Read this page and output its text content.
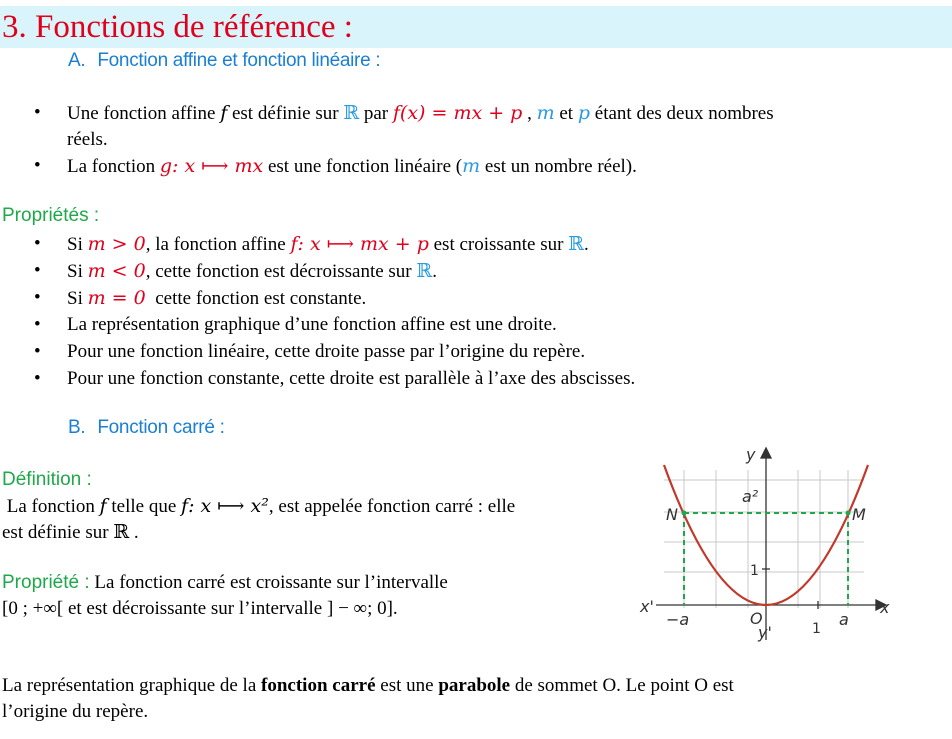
3. Fonctions de référence :
A. Fonction affine et fonction linéaire :
• Une fonction affine f est définie sur ℝ par f(x) = mx + p , m et p étant des deux nombres
réels.
• La fonction g: x ⟼ mx est une fonction linéaire (m est un nombre réel).
Propriétés :
• Si m > 0, la fonction affine f: x ⟼ mx + p est croissante sur ℝ.
• Si m < 0, cette fonction est décroissante sur ℝ.
• Si m = 0  cette fonction est constante.
• La représentation graphique d’une fonction affine est une droite.
• Pour une fonction linéaire, cette droite passe par l’origine du repère.
• Pour une fonction constante, cette droite est parallèle à l’axe des abscisses.
B. Fonction carré :
Définition :
La fonction f telle que f: x ⟼ x², est appelée fonction carré : elle
est définie sur ℝ .
Propriété : La fonction carré est croissante sur l’intervalle
[0 ; +∞[ et est décroissante sur l’intervalle ] − ∞; 0].
La représentation graphique de la fonction carré est une parabole de sommet O. Le point O est
l’origine du repère.
y
x
x'
y'
O
1
1
a
−a
a²
N	M
